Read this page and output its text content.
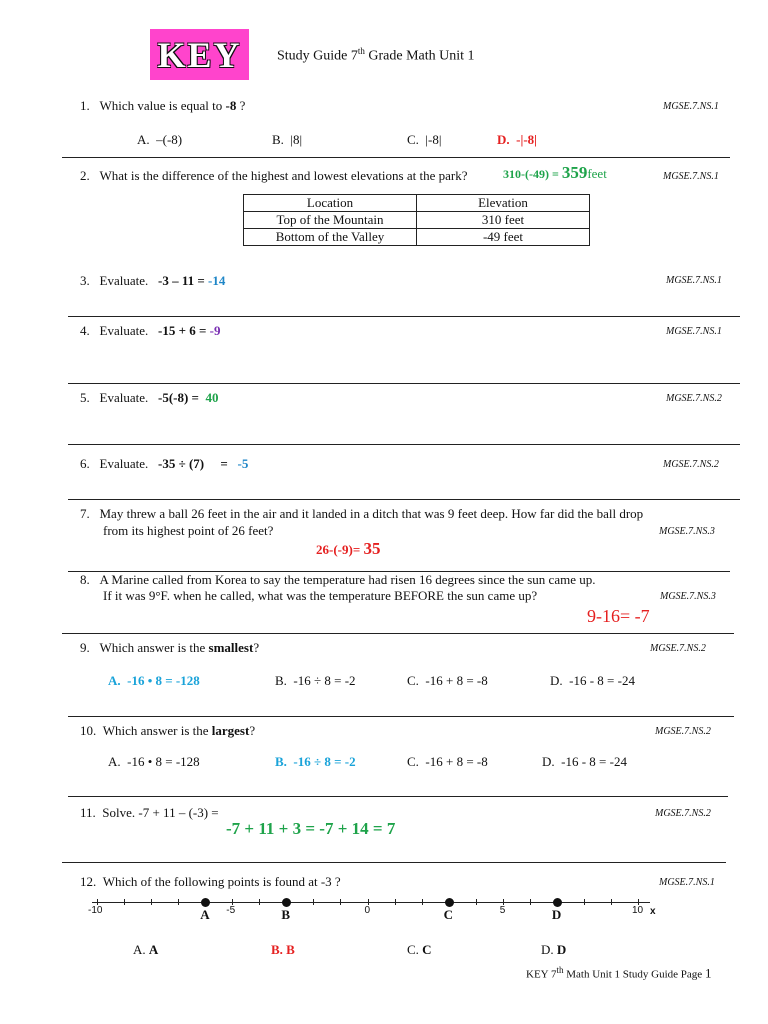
KEY	Study Guide 7th Grade Math Unit 1
1. Which value is equal to -8 ?	MGSE.7.NS.1
A. –(-8)	B. |8|	C. |-8|	D. -|-8|
2. What is the difference of the highest and lowest elevations at the park?	310-(-49) = 359feet	MGSE.7.NS.1
Location	Elevation
Top of the Mountain	310 feet
Bottom of the Valley	-49 feet
3. Evaluate. -3 – 11 = -14	MGSE.7.NS.1
4. Evaluate. -15 + 6 = -9	MGSE.7.NS.1
5. Evaluate. -5(-8) = 40	MGSE.7.NS.2
6. Evaluate. -35 ÷ (7) = -5	MGSE.7.NS.2
7. May threw a ball 26 feet in the air and it landed in a ditch that was 9 feet deep. How far did the ball drop
from its highest point of 26 feet?	MGSE.7.NS.3
26-(-9)= 35
8. A Marine called from Korea to say the temperature had risen 16 degrees since the sun came up.
If it was 9°F. when he called, what was the temperature BEFORE the sun came up?	MGSE.7.NS.3
9-16= -7
9. Which answer is the smallest?	MGSE.7.NS.2
A. -16 • 8 = -128	B. -16 ÷ 8 = -2	C. -16 + 8 = -8	D. -16 - 8 = -24
10. Which answer is the largest?	MGSE.7.NS.2
A. -16 • 8 = -128	B. -16 ÷ 8 = -2	C. -16 + 8 = -8	D. -16 - 8 = -24
11. Solve. -7 + 11 – (-3) =	MGSE.7.NS.2
-7 + 11 + 3 = -7 + 14 = 7
12. Which of the following points is found at -3 ?	MGSE.7.NS.1
-10	-5	0	5	10 x
A	B	C	D
A. A	B. B	C. C	D. D
KEY 7th Math Unit 1 Study Guide Page 1
